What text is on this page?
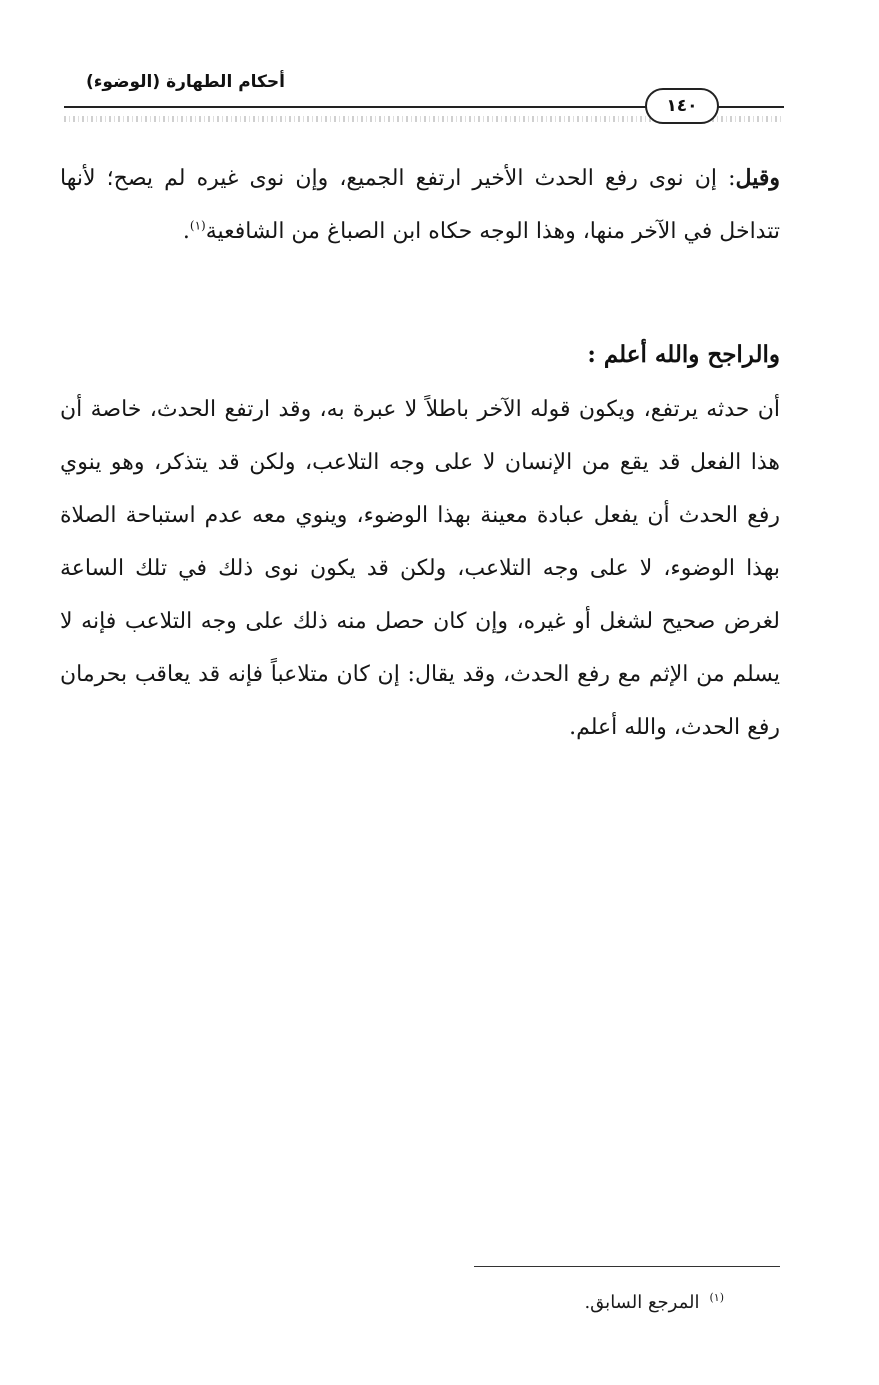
أحكام الطهارة (الوضوء)
١٤٠
وقيل: إن نوى رفع الحدث الأخير ارتفع الجميع، وإن نوى غيره لم يصح؛ لأنها تتداخل في الآخر منها، وهذا الوجه حكاه ابن الصباغ من الشافعية$^{(١)}$.
والراجح والله أعلم :
أن حدثه يرتفع، ويكون قوله الآخر باطلاً لا عبرة به، وقد ارتفع الحدث، خاصة أن هذا الفعل قد يقع من الإنسان لا على وجه التلاعب، ولكن قد يتذكر، وهو ينوي رفع الحدث أن يفعل عبادة معينة بهذا الوضوء، وينوي معه عدم استباحة الصلاة بهذا الوضوء، لا على وجه التلاعب، ولكن قد يكون نوى ذلك في تلك الساعة لغرض صحيح لشغل أو غيره، وإن كان حصل منه ذلك على وجه التلاعب فإنه لا يسلم من الإثم مع رفع الحدث، وقد يقال: إن كان متلاعباً فإنه قد يعاقب بحرمان رفع الحدث، والله أعلم.
$^{(١)}$المرجع السابق.
